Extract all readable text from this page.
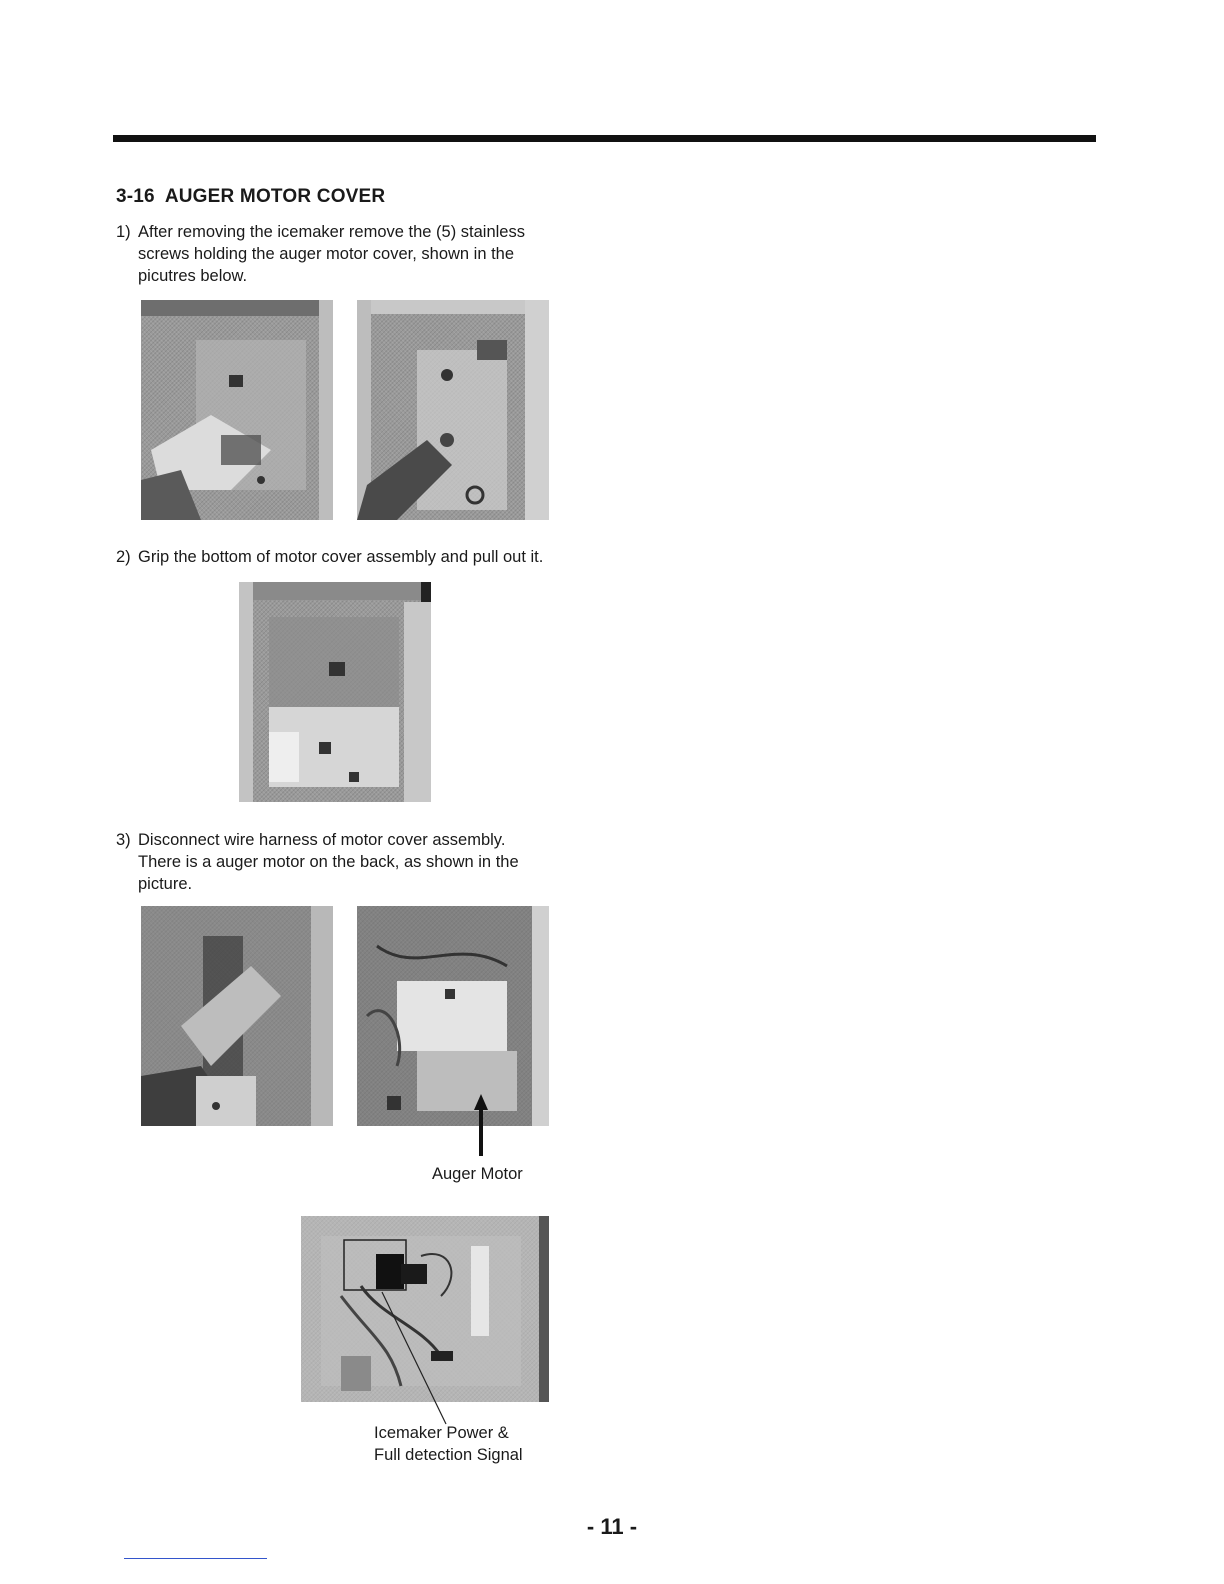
3-16 AUGER MOTOR COVER
1) After removing the icemaker remove the (5) stainless
screws holding the auger motor cover, shown in the
picutres below.
2) Grip the bottom of motor cover assembly and pull out it.
3) Disconnect wire harness of motor cover assembly.
There is a auger motor on the back, as shown in the
picture.
Auger Motor
Icemaker Power &
Full detection Signal
- 11 -
